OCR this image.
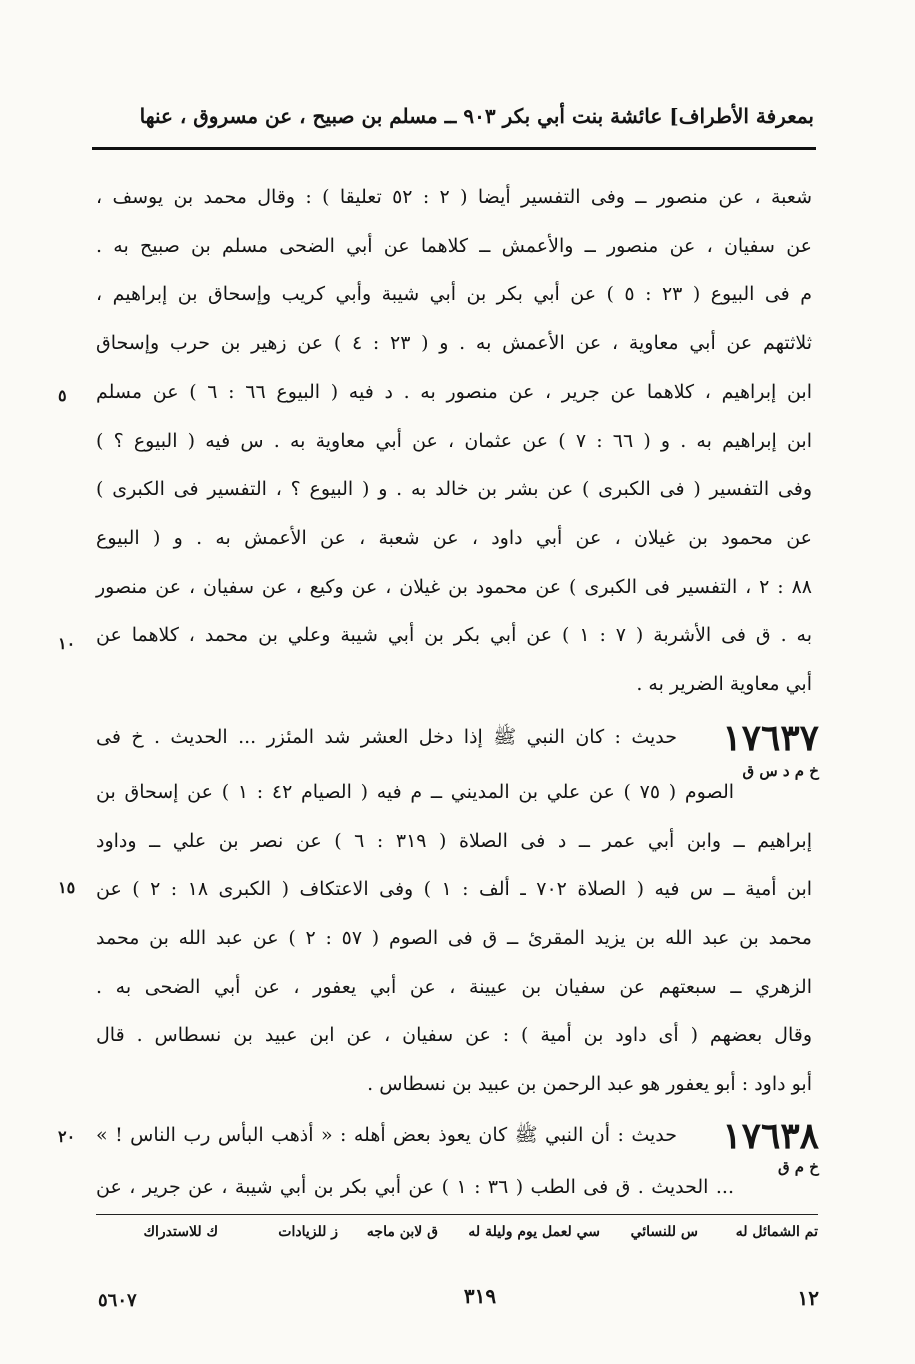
بمعرفة الأطراف] عائشة بنت أبي بكر ٩٠٣ ــ مسلم بن صبيح ، عن مسروق ، عنها
شعبة ، عن منصور ــ وفى التفسير أيضا ( ٢ : ٥٢ تعليقا ) : وقال محمد بن يوسف ،
عن سفيان ، عن منصور ــ والأعمش ــ كلاهما عن أبي الضحى مسلم بن صبيح به .
م فى البيوع ( ٢٣ : ٥ ) عن أبي بكر بن أبي شيبة وأبي كريب وإسحاق بن إبراهيم ،
ثلاثتهم عن أبي معاوية ، عن الأعمش به . و ( ٢٣ : ٤ ) عن زهير بن حرب وإسحاق
ابن إبراهيم ، كلاهما عن جرير ، عن منصور به . د فيه ( البيوع ٦٦ : ٦ ) عن مسلم
ابن إبراهيم به . و ( ٦٦ : ٧ ) عن عثمان ، عن أبي معاوية به . س فيه ( البيوع ؟ )
وفى التفسير ( فى الكبرى ) عن بشر بن خالد به . و ( البيوع ؟ ، التفسير فى الكبرى )
عن محمود بن غيلان ، عن أبي داود ، عن شعبة ، عن الأعمش به . و ( البيوع
٨٨ : ٢ ، التفسير فى الكبرى ) عن محمود بن غيلان ، عن وكيع ، عن سفيان ، عن منصور
به . ق فى الأشربة ( ٧ : ١ ) عن أبي بكر بن أبي شيبة وعلي بن محمد ، كلاهما عن
أبي معاوية الضرير به .
٥
١٠
١٥
٢٠
١٧٦٣٧
خ م د س ق
حديث : كان النبي ﷺ إذا دخل العشر شد المئزر ... الحديث . خ فى
الصوم ( ٧٥ ) عن علي بن المديني ــ م فيه ( الصيام ٤٢ : ١ ) عن إسحاق بن
إبراهيم ــ وابن أبي عمر ــ د فى الصلاة ( ٣١٩ : ٦ ) عن نصر بن علي ــ وداود
ابن أمية ــ س فيه ( الصلاة ٧٠٢ ـ ألف : ١ ) وفى الاعتكاف ( الكبرى ١٨ : ٢ ) عن
محمد بن عبد الله بن يزيد المقرئ ــ ق فى الصوم ( ٥٧ : ٢ ) عن عبد الله بن محمد
الزهري ــ سبعتهم عن سفيان بن عيينة ، عن أبي يعفور ، عن أبي الضحى به .
وقال بعضهم ( أى داود بن أمية ) : عن سفيان ، عن ابن عبيد بن نسطاس . قال
أبو داود : أبو يعفور هو عبد الرحمن بن عبيد بن نسطاس .
١٧٦٣٨
خ م ق
حديث : أن النبي ﷺ كان يعوذ بعض أهله : « أذهب البأس رب الناس ! »
... الحديث . ق فى الطب ( ٣٦ : ١ ) عن أبي بكر بن أبي شيبة ، عن جرير ، عن
تم الشمائل له
س للنسائي
سي لعمل يوم وليلة له
ق لابن ماجه
ز للزيادات
ك للاستدراك
١٢
٣١٩
٥٦٠٧
